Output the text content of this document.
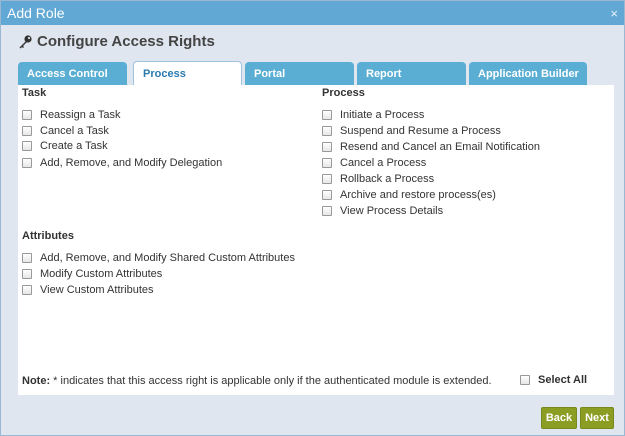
Add Role	×
Configure Access Rights
Access Control	Process	Portal	Report	Application Builder
Task
Reassign a Task
Cancel a Task
Create a Task
Add, Remove, and Modify Delegation
Process
Initiate a Process
Suspend and Resume a Process
Resend and Cancel an Email Notification
Cancel a Process
Rollback a Process
Archive and restore process(es)
View Process Details
Attributes
Add, Remove, and Modify Shared Custom Attributes
Modify Custom Attributes
View Custom Attributes
Note: * indicates that this access right is applicable only if the authenticated module is extended.	Select All
Back	Next
